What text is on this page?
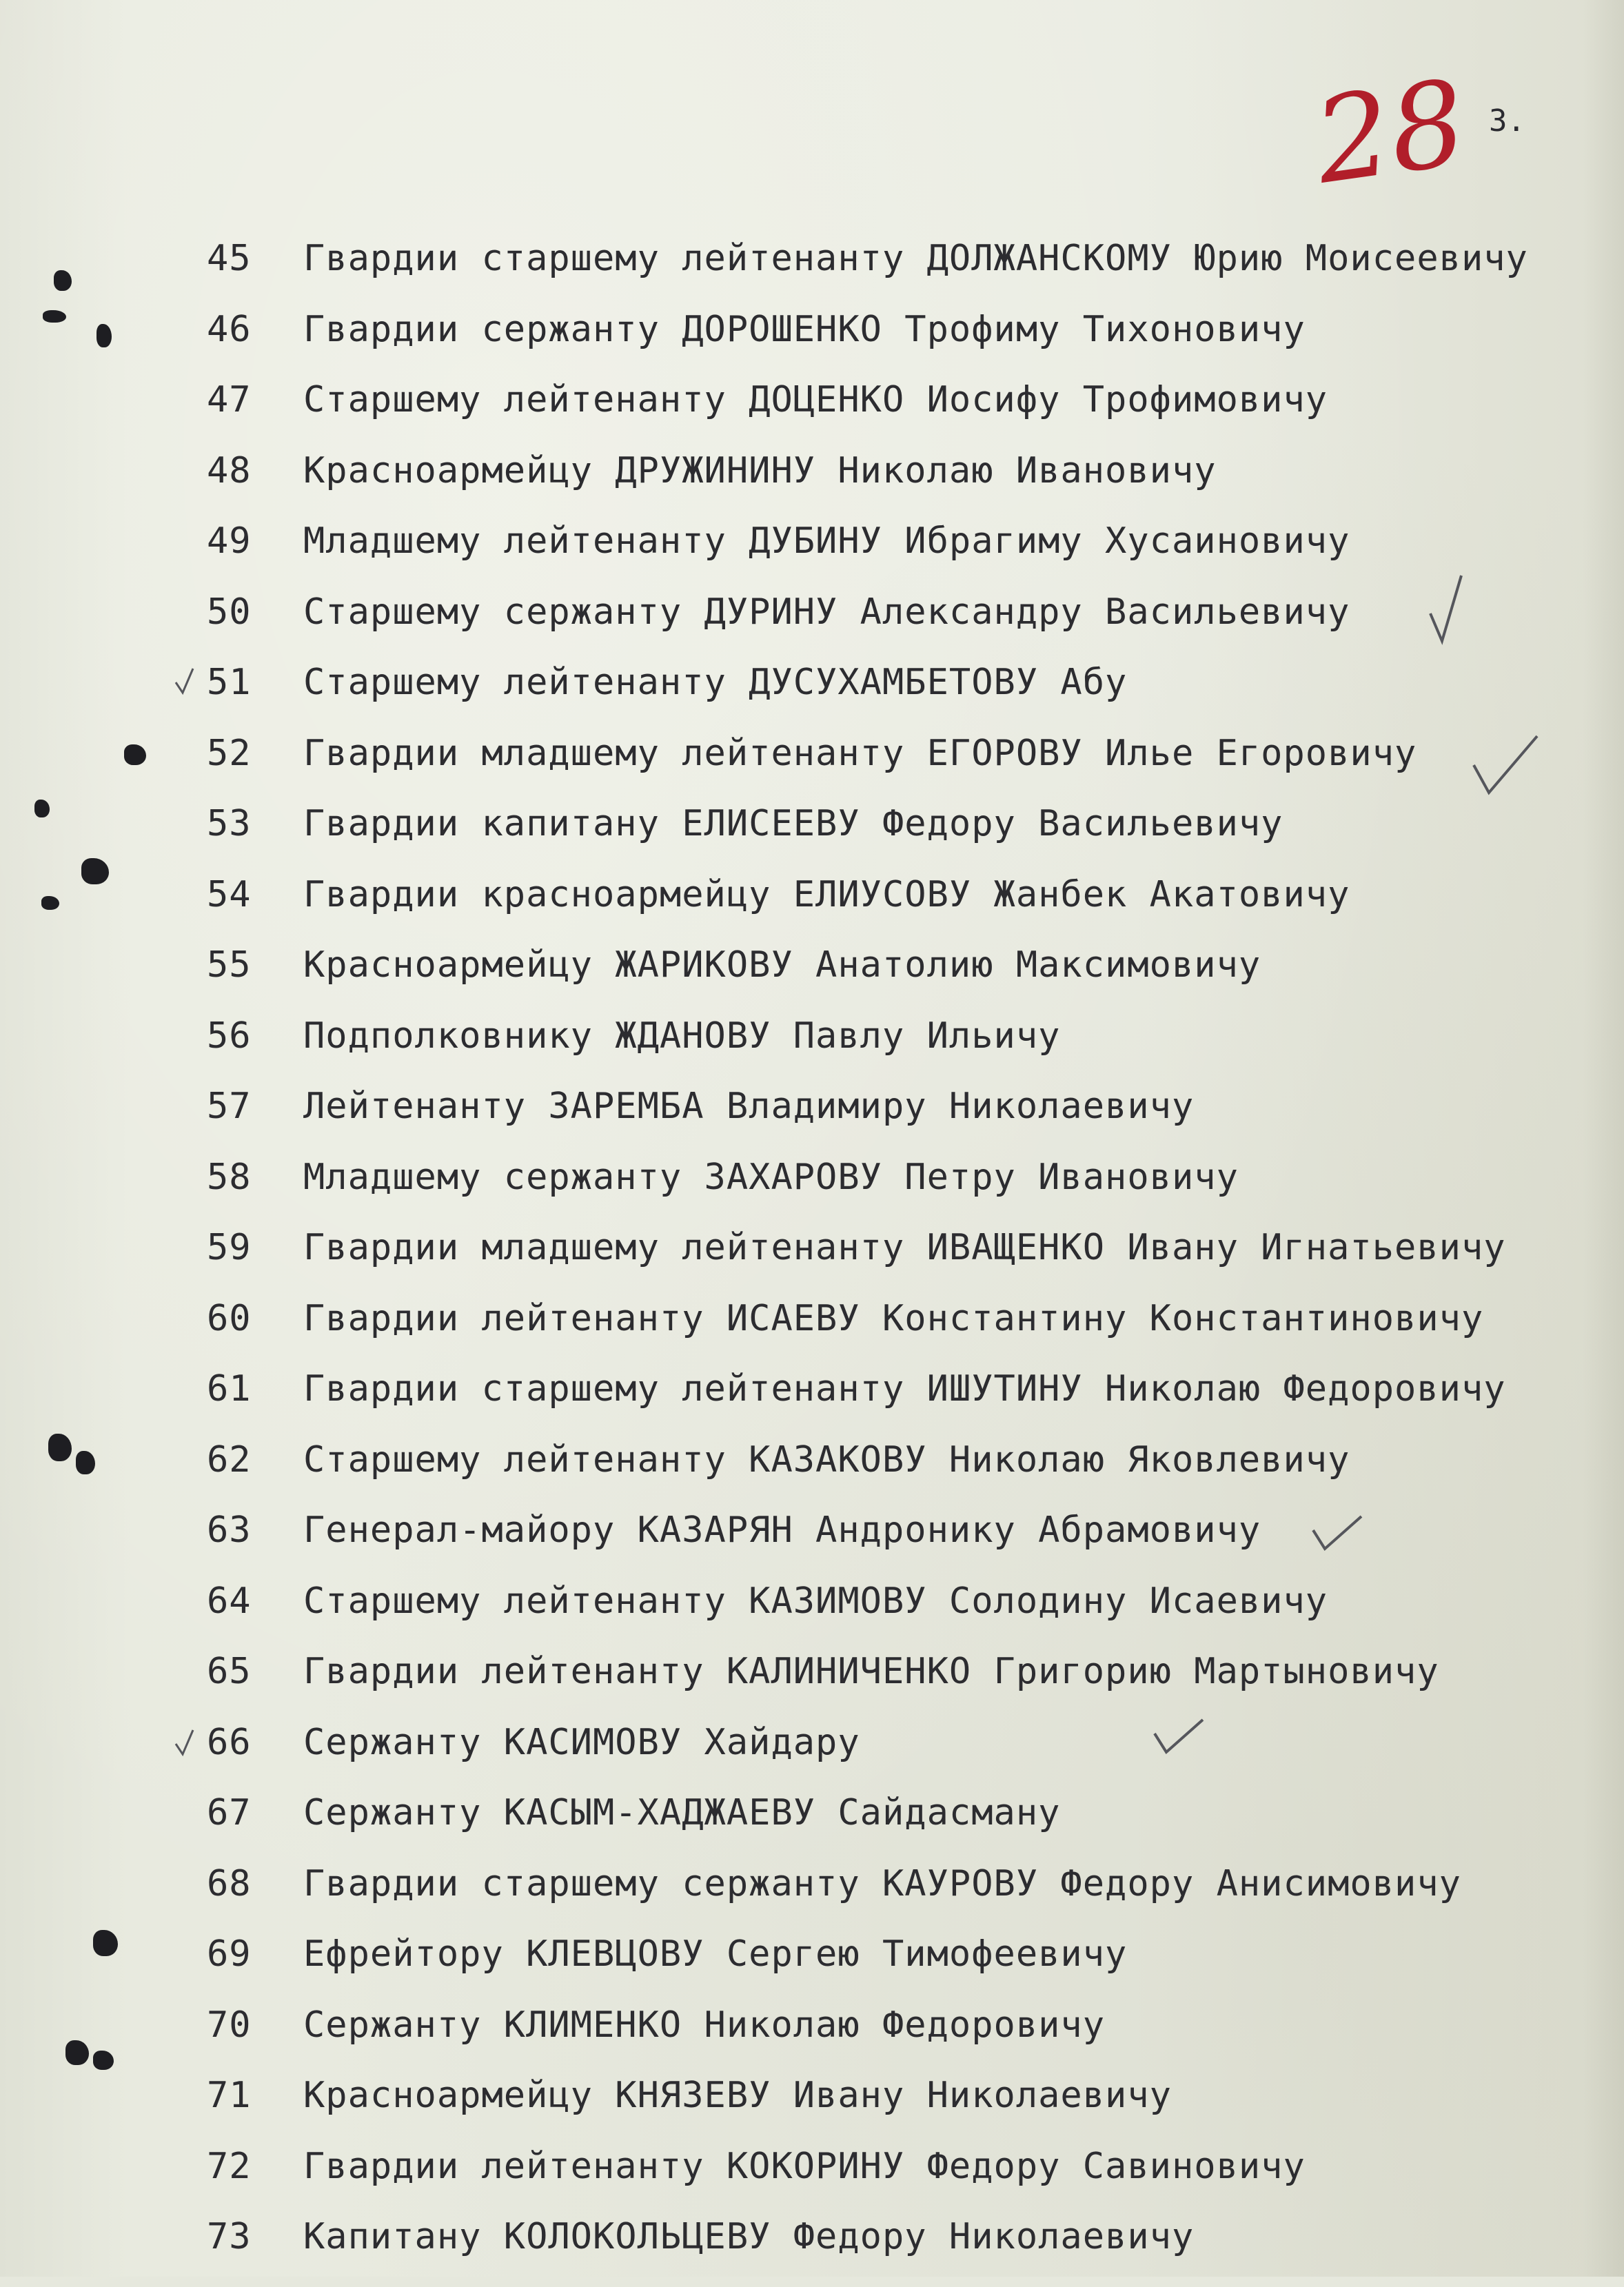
28 3.
45	Гвардии старшему лейтенанту ДОЛЖАНСКОМУ Юрию Моисеевичу
46	Гвардии сержанту ДОРОШЕНКО Трофиму Тихоновичу
47	Старшему лейтенанту ДОЦЕНКО Иосифу Трофимовичу
48	Красноармейцу ДРУЖИНИНУ Николаю Ивановичу
49	Младшему лейтенанту ДУБИНУ Ибрагиму Хусаиновичу
50	Старшему сержанту ДУРИНУ Александру Васильевичу
51	Старшему лейтенанту ДУСУХАМБЕТОВУ Абу
52	Гвардии младшему лейтенанту ЕГОРОВУ Илье Егоровичу
53	Гвардии капитану ЕЛИСЕЕВУ Федору Васильевичу
54	Гвардии красноармейцу ЕЛИУСОВУ Жанбек Акатовичу
55	Красноармейцу ЖАРИКОВУ Анатолию Максимовичу
56	Подполковнику ЖДАНОВУ Павлу Ильичу
57	Лейтенанту ЗАРЕМБА Владимиру Николаевичу
58	Младшему сержанту ЗАХАРОВУ Петру Ивановичу
59	Гвардии младшему лейтенанту ИВАЩЕНКО Ивану Игнатьевичу
60	Гвардии лейтенанту ИСАЕВУ Константину Константиновичу
61	Гвардии старшему лейтенанту ИШУТИНУ Николаю Федоровичу
62	Старшему лейтенанту КАЗАКОВУ Николаю Яковлевичу
63	Генерал-майору КАЗАРЯН Андронику Абрамовичу
64	Старшему лейтенанту КАЗИМОВУ Солодину Исаевичу
65	Гвардии лейтенанту КАЛИНИЧЕНКО Григорию Мартыновичу
66	Сержанту КАСИМОВУ Хайдару
67	Сержанту КАСЫМ-ХАДЖАЕВУ Сайдасману
68	Гвардии старшему сержанту КАУРОВУ Федору Анисимовичу
69	Ефрейтору КЛЕВЦОВУ Сергею Тимофеевичу
70	Сержанту КЛИМЕНКО Николаю Федоровичу
71	Красноармейцу КНЯЗЕВУ Ивану Николаевичу
72	Гвардии лейтенанту КОКОРИНУ Федору Савиновичу
73	Капитану КОЛОКОЛЬЦЕВУ Федору Николаевичу
